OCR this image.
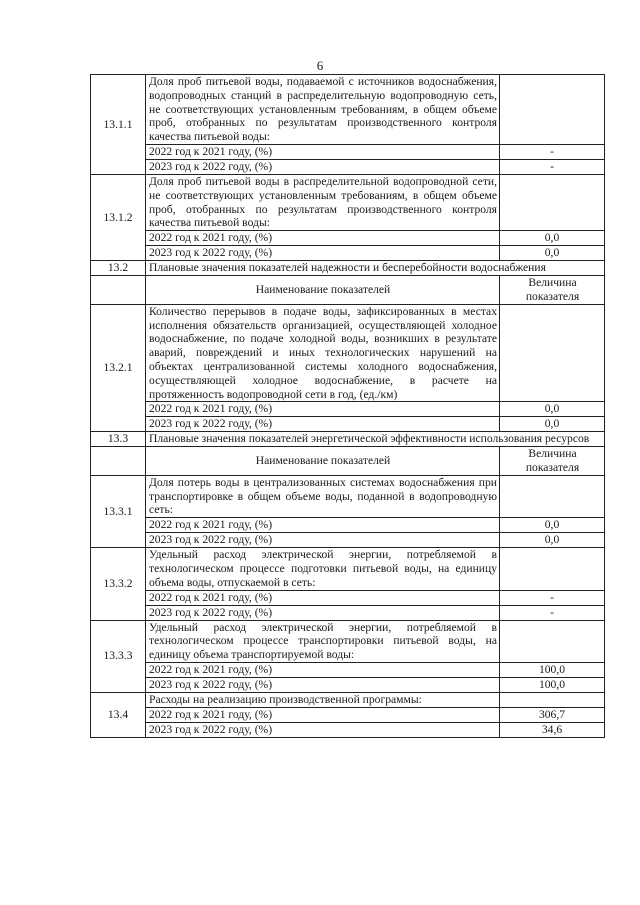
6
13.1.1	Доля проб питьевой воды, подаваемой с источников водоснабжения, водопроводных станций в распределительную водопроводную сеть, не соответствующих установленным требованиям, в общем объеме проб, отобранных по результатам производственного контроля качества питьевой воды:	
	2022 год к 2021 году, (%)	-
	2023 год к 2022 году, (%)	-
13.1.2	Доля проб питьевой воды в распределительной водопроводной сети, не соответствующих установленным требованиям, в общем объеме проб, отобранных по результатам производственного контроля качества питьевой воды:	
	2022 год к 2021 году, (%)	0,0
	2023 год к 2022 году, (%)	0,0
13.2	Плановые значения показателей надежности и бесперебойности водоснабжения	
	Наименование показателей	Величина показателя
13.2.1	Количество перерывов в подаче воды, зафиксированных в местах исполнения обязательств организацией, осуществляющей холодное водоснабжение, по подаче холодной воды, возникших в результате аварий, повреждений и иных технологических нарушений на объектах централизованной системы холодного водоснабжения, осуществляющей холодное водоснабжение, в расчете на протяженность водопроводной сети в год, (ед./км)	
	2022 год к 2021 году, (%)	0,0
	2023 год к 2022 году, (%)	0,0
13.3	Плановые значения показателей энергетической эффективности использования ресурсов	
	Наименование показателей	Величина показателя
13.3.1	Доля потерь воды в централизованных системах водоснабжения при транспортировке в общем объеме воды, поданной в водопроводную сеть:	
	2022 год к 2021 году, (%)	0,0
	2023 год к 2022 году, (%)	0,0
13.3.2	Удельный расход электрической энергии, потребляемой в технологическом процессе подготовки питьевой воды, на единицу объема воды, отпускаемой в сеть:	
	2022 год к 2021 году, (%)	-
	2023 год к 2022 году, (%)	-
13.3.3	Удельный расход электрической энергии, потребляемой в технологическом процессе транспортировки питьевой воды, на единицу объема транспортируемой воды:	
	2022 год к 2021 году, (%)	100,0
	2023 год к 2022 году, (%)	100,0
13.4	Расходы на реализацию производственной программы:	
	2022 год к 2021 году, (%)	306,7
	2023 год к 2022 году, (%)	34,6
